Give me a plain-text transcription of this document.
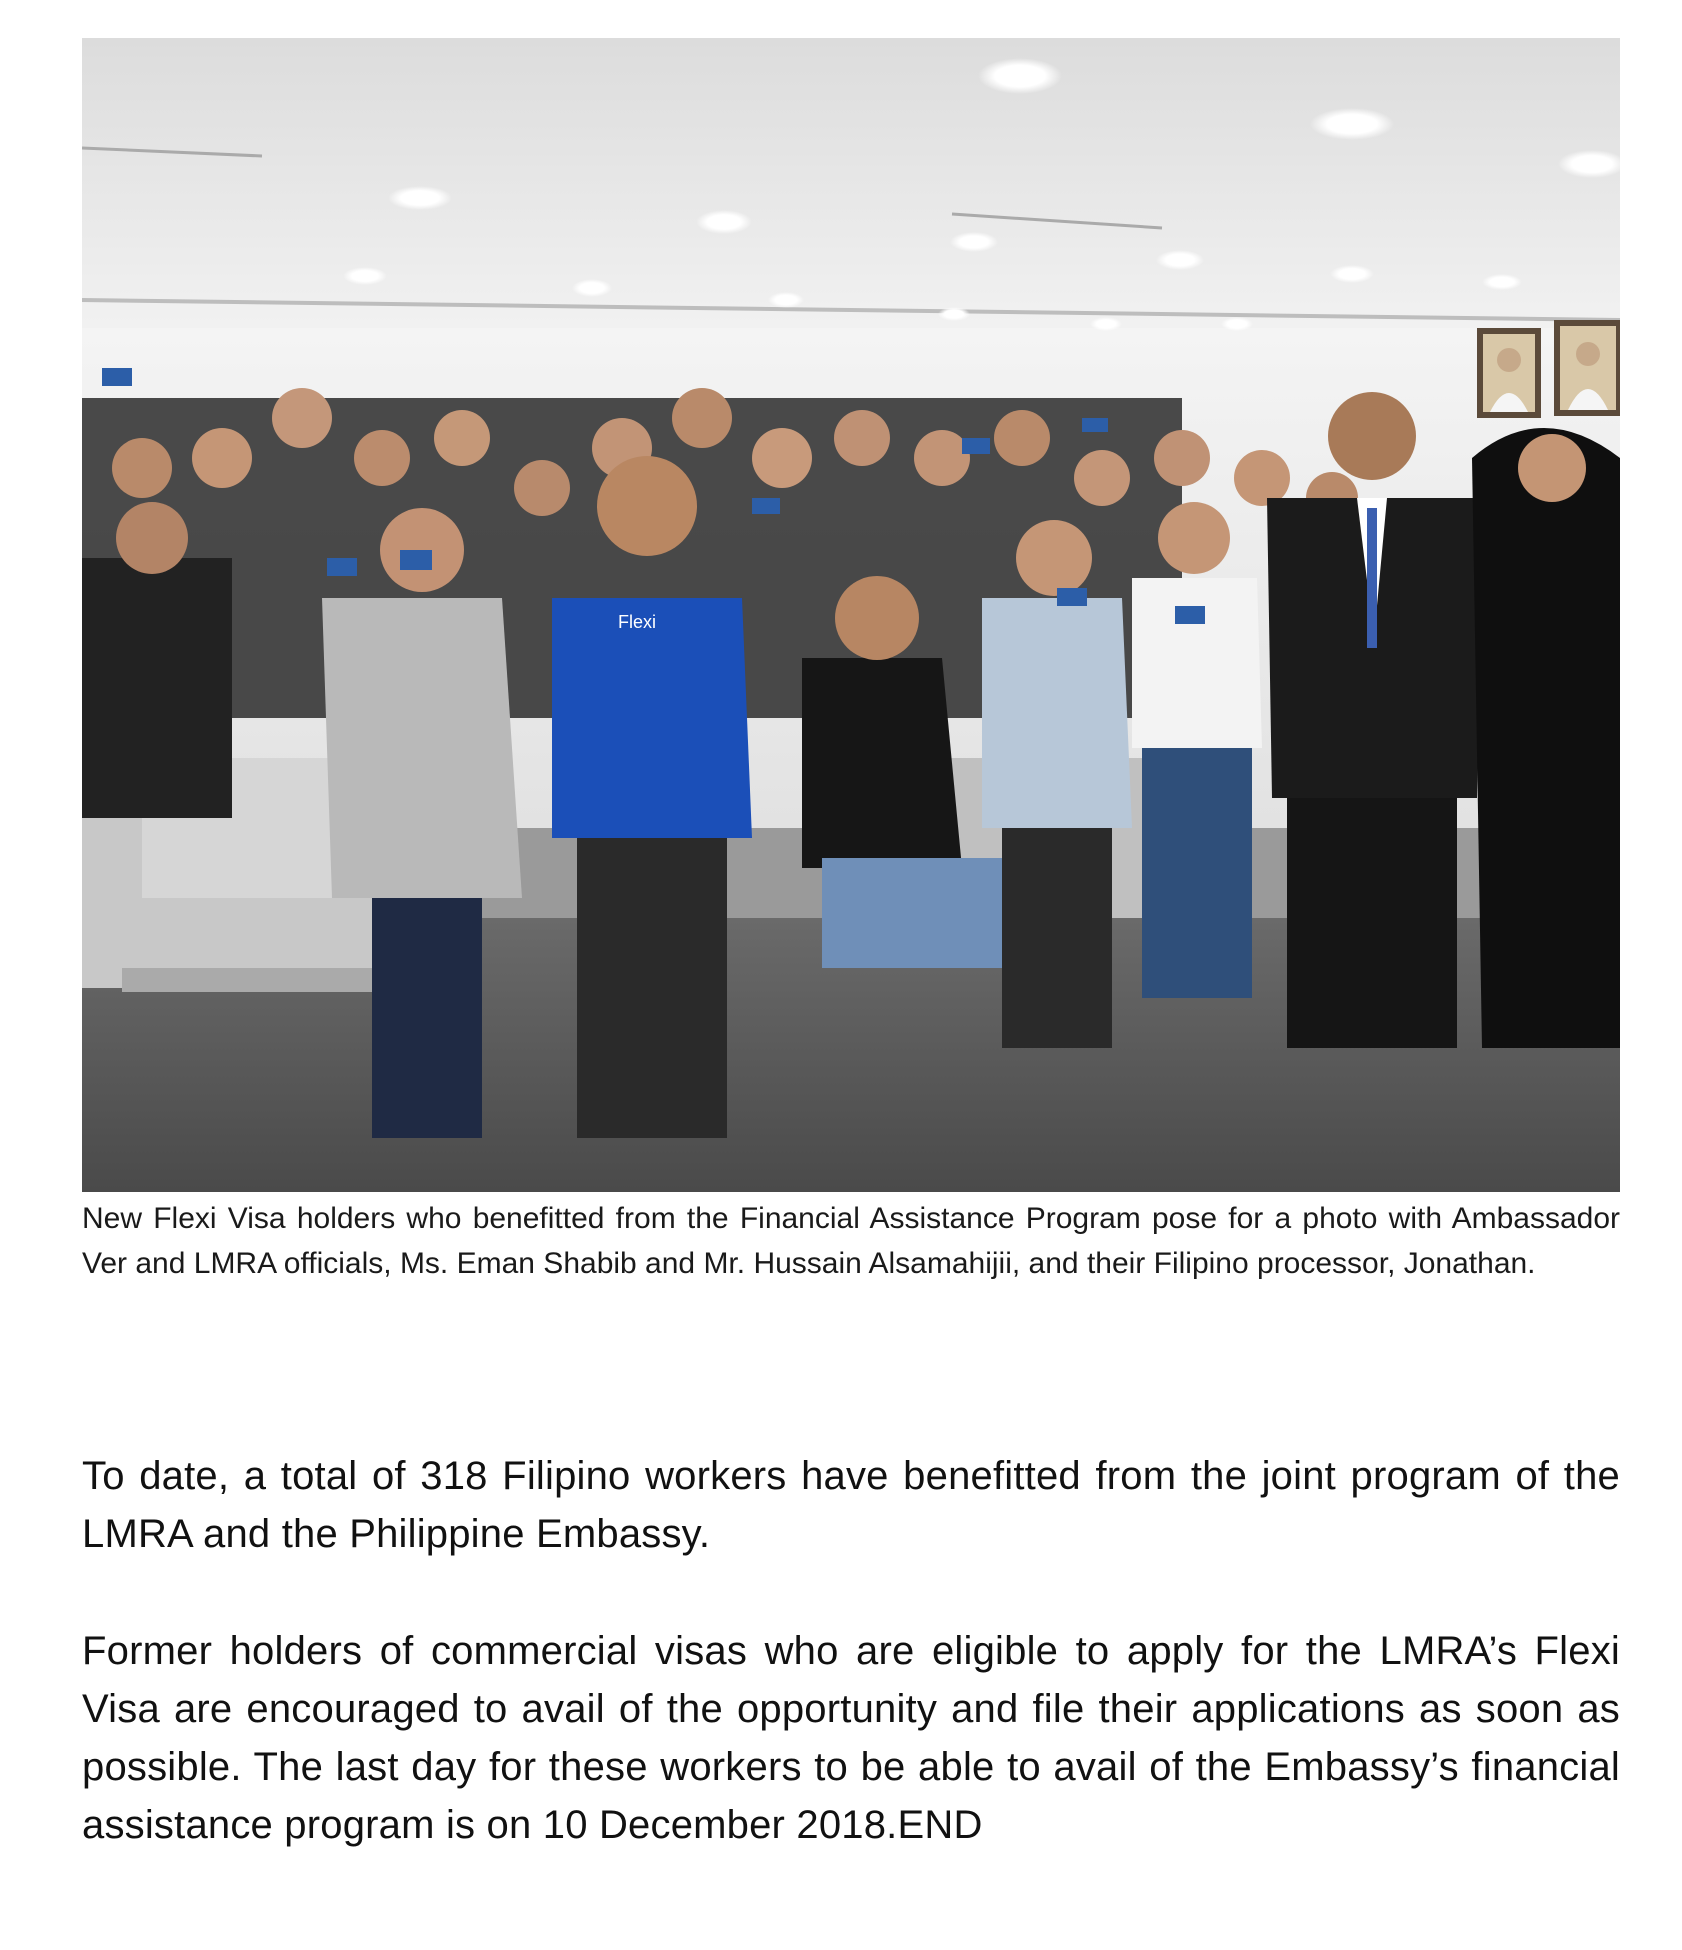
Flexi

New Flexi Visa holders who benefitted from the Financial Assistance Program pose for a photo with Ambassador Ver and LMRA officials, Ms. Eman Shabib and Mr. Hussain Alsamahijii, and their Filipino processor, Jonathan.

To date, a total of 318 Filipino workers have benefitted from the joint program of the LMRA and the Philippine Embassy.

Former holders of commercial visas who are eligible to apply for the LMRA’s Flexi Visa are encouraged to avail of the opportunity and file their applications as soon as possible. The last day for these workers to be able to avail of the Embassy’s financial assistance program is on 10 December 2018.END
